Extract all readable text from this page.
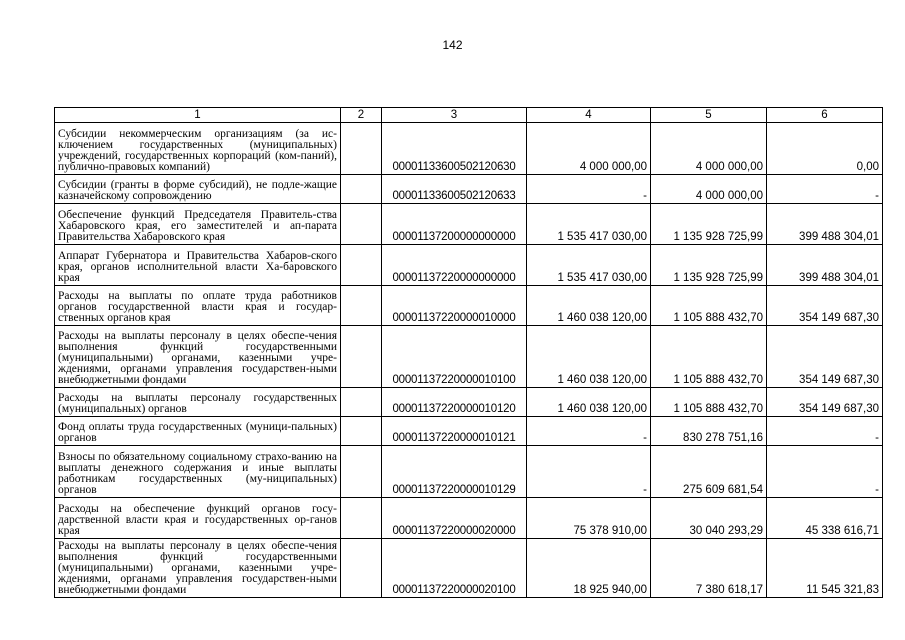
142
1	2	3	4	5	6
Субсидии некоммерческим организациям (за ис-ключением государственных (муниципальных) учреждений, государственных корпораций (ком-паний), публично-правовых компаний)		00001133600502120630	4 000 000,00	4 000 000,00	0,00
Субсидии (гранты в форме субсидий), не подле-жащие казначейскому сопровождению		00001133600502120633	-	4 000 000,00	-
Обеспечение функций Председателя Правитель-ства Хабаровского края, его заместителей и ап-парата Правительства Хабаровского края		00001137200000000000	1 535 417 030,00	1 135 928 725,99	399 488 304,01
Аппарат Губернатора и Правительства Хабаров-ского края, органов исполнительной власти Ха-баровского края		00001137220000000000	1 535 417 030,00	1 135 928 725,99	399 488 304,01
Расходы на выплаты по оплате труда работников органов государственной власти края и государ-ственных органов края		00001137220000010000	1 460 038 120,00	1 105 888 432,70	354 149 687,30
Расходы на выплаты персоналу в целях обеспе-чения выполнения функций государственными (муниципальными) органами, казенными учре-ждениями, органами управления государствен-ными внебюджетными фондами		00001137220000010100	1 460 038 120,00	1 105 888 432,70	354 149 687,30
Расходы на выплаты персоналу государственных (муниципальных) органов		00001137220000010120	1 460 038 120,00	1 105 888 432,70	354 149 687,30
Фонд оплаты труда государственных (муници-пальных) органов		00001137220000010121	-	830 278 751,16	-
Взносы по обязательному социальному страхо-ванию на выплаты денежного содержания и иные выплаты работникам государственных (му-ниципальных) органов		00001137220000010129	-	275 609 681,54	-
Расходы на обеспечение функций органов госу-дарственной власти края и государственных ор-ганов края		00001137220000020000	75 378 910,00	30 040 293,29	45 338 616,71
Расходы на выплаты персоналу в целях обеспе-чения выполнения функций государственными (муниципальными) органами, казенными учре-ждениями, органами управления государствен-ными внебюджетными фондами		00001137220000020100	18 925 940,00	7 380 618,17	11 545 321,83
